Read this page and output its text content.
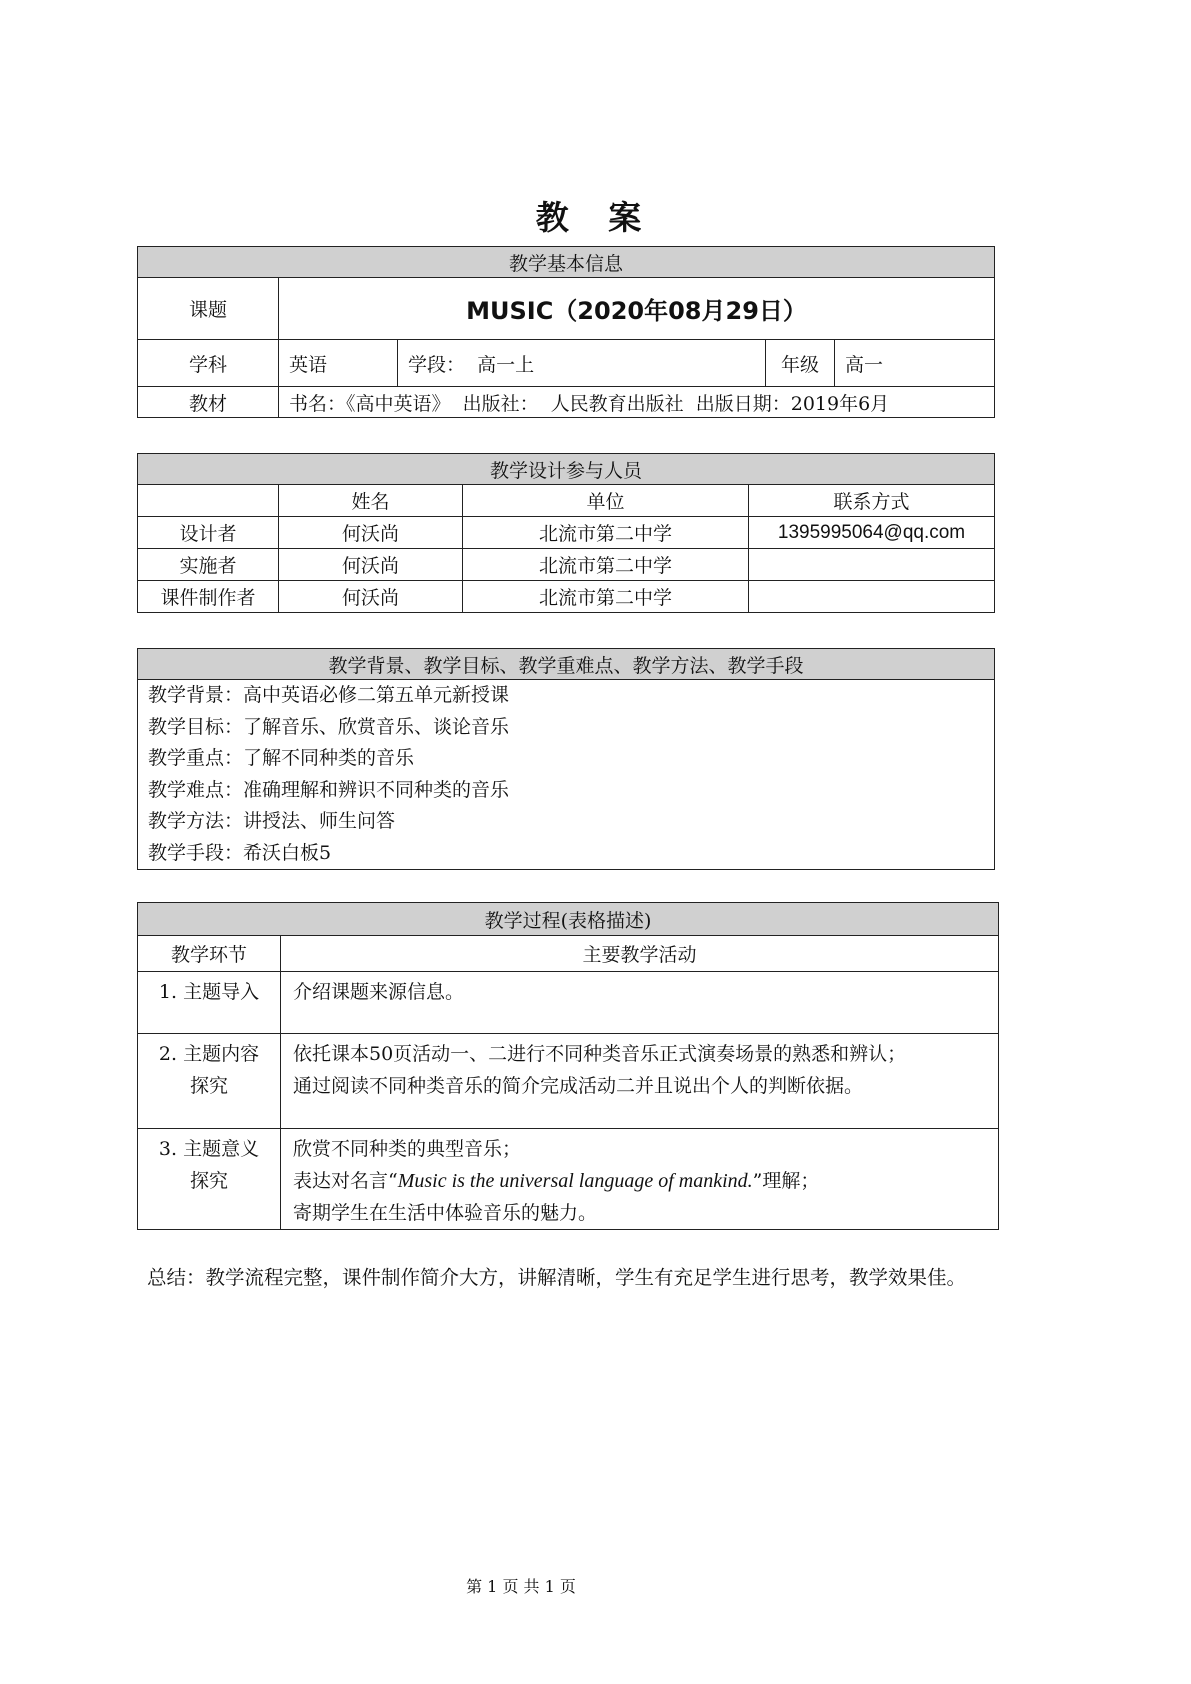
教 案
教学基本信息				
课题	MUSIC（2020年08月29日）			
学科	英语	学段： 高一上	年级	高一
教材	书名：《高中英语》  出版社：  人民教育出版社  出版日期：2019年6月			
教学设计参与人员			
	姓名	单位	联系方式
设计者	何沃尚	北流市第二中学	1395995064@qq.com
实施者	何沃尚	北流市第二中学	
课件制作者	何沃尚	北流市第二中学	
教学背景、教学目标、教学重难点、教学方法、教学手段

教学背景：高中英语必修二第五单元新授课
教学目标：了解音乐、欣赏音乐、谈论音乐
教学重点：了解不同种类的音乐
教学难点：准确理解和辨识不同种类的音乐
教学方法：讲授法、师生问答
教学手段：希沃白板5
教学过程(表格描述)	
教学环节	主要教学活动
1. 主题导入	介绍课题来源信息。

2. 主题内容
探究	依托课本50页活动一、二进行不同种类音乐正式演奏场景的熟悉和辨认；
通过阅读不同种类音乐的简介完成活动二并且说出个人的判断依据。

3. 主题意义
探究	欣赏不同种类的典型音乐；
表达对名言“Music is the universal language of mankind.”理解；
寄期学生在生活中体验音乐的魅力。
总结：教学流程完整，课件制作简介大方，讲解清晰，学生有充足学生进行思考，教学效果佳。
第 1 页 共 1 页
